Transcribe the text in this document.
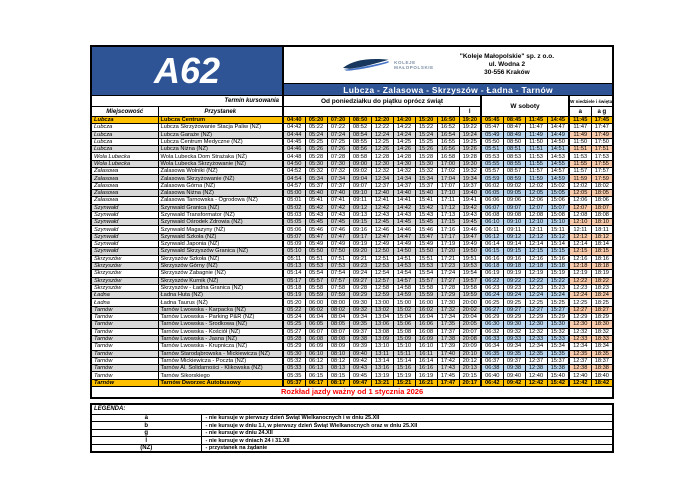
A62		KOLEJE
MAŁOPOLSKIE
"Koleje Małopolskie" sp. z o.o.
ul. Wodna 2
30-556 Kraków														

		Lubcza - Zalasowa - Skrzyszów - Ładna - Tarnów														
Termin kursowania		Od poniedziałku do piątku oprócz świąt									W soboty				W niedziele i święta	
Miejscowość	Przystanek									l					a	a g
Lubcza	Lubcza Centrum	04:40	05:20	07:20	08:50	12:20	14:20	15:20	16:50	19:20	05:45	08:45	11:45	14:45	11:45	17:45
Lubcza	Lubcza Skrzyżowanie Stacja Paliw (NŻ)	04:42	05:22	07:22	08:52	12:22	14:22	15:22	16:52	19:22	05:47	08:47	11:47	14:47	11:47	17:47
Lubcza	Lubcza Garaże (NŻ)	04:44	05:24	07:24	08:54	12:24	14:24	15:24	16:54	19:24	05:49	08:49	11:49	14:49	11:49	17:49
Lubcza	Lubcza Centrum Medyczne (NŻ)	04:45	05:25	07:25	08:55	12:25	14:25	15:25	16:55	19:25	05:50	08:50	11:50	14:50	11:50	17:50
Lubcza	Lubcza Niżna (NŻ)	04:46	05:26	07:26	08:56	12:26	14:26	15:26	16:56	19:26	05:51	08:51	11:51	14:51	11:51	17:51
Wola Lubecka	Wola Lubecka Dom Strażaka (NŻ)	04:48	05:28	07:28	08:58	12:28	14:28	15:28	16:58	19:28	05:53	08:53	11:53	14:53	11:53	17:53
Wola Lubecka	Wola Lubecka Skrzyżowanie (NŻ)	04:50	05:30	07:30	09:00	12:30	14:30	15:30	17:00	19:30	05:55	08:55	11:55	14:55	11:55	17:55
Zalasowa	Zalasowa Wolniki (NŻ)	04:52	05:32	07:32	09:02	12:32	14:32	15:32	17:02	19:32	05:57	08:57	11:57	14:57	11:57	17:57
Zalasowa	Zalasowa Skrzyżowanie (NŻ)	04:54	05:34	07:34	09:04	12:34	14:34	15:34	17:04	19:34	05:59	08:59	11:59	14:59	11:59	17:59
Zalasowa	Zalasowa Górna (NŻ)	04:57	05:37	07:37	09:07	12:37	14:37	15:37	17:07	19:37	06:02	09:02	12:02	15:02	12:02	18:02
Zalasowa	Zalasowa Niżna (NŻ)	05:00	05:40	07:40	09:10	12:40	14:40	15:40	17:10	19:40	06:05	09:05	12:05	15:05	12:05	18:05
Zalasowa	Zalasowa Tarnowska - Ogrodowa (NŻ)	05:01	05:41	07:41	09:11	12:41	14:41	15:41	17:11	19:41	06:06	09:06	12:06	15:06	12:06	18:06
Szynwałd	Szynwałd Granica (NŻ)	05:02	05:42	07:42	09:12	12:42	14:42	15:42	17:12	19:42	06:07	09:07	12:07	15:07	12:07	18:07
Szynwałd	Szynwałd Transformator (NŻ)	05:03	05:43	07:43	09:13	12:43	14:43	15:43	17:13	19:43	06:08	09:08	12:08	15:08	12:08	18:08
Szynwałd	Szynwałd Ośrodek Zdrowia (NŻ)	05:05	05:45	07:45	09:15	12:45	14:45	15:45	17:15	19:45	06:10	09:10	12:10	15:10	12:10	18:10
Szynwałd	Szynwałd Magazyny (NŻ)	05:06	05:46	07:46	09:16	12:46	14:46	15:46	17:16	19:46	06:11	09:11	12:11	15:11	12:11	18:11
Szynwałd	Szynwałd Szkoła (NŻ)	05:07	05:47	07:47	09:17	12:47	14:47	15:47	17:17	19:47	06:12	09:12	12:12	15:12	12:12	18:12
Szynwałd	Szynwałd Japonia (NŻ)	05:09	05:49	07:49	09:19	12:49	14:49	15:49	17:19	19:49	06:14	09:14	12:14	15:14	12:14	18:14
Szynwałd	Szynwałd Skrzyszów Granica (NŻ)	05:10	05:50	07:50	09:20	12:50	14:50	15:50	17:20	19:50	06:15	09:15	12:15	15:15	12:15	18:15
Skrzyszów	Skrzyszów Szkoła (NŻ)	05:11	05:51	07:51	09:21	12:51	14:51	15:51	17:21	19:51	06:16	09:16	12:16	15:16	12:16	18:16
Skrzyszów	Skrzyszów Górny (NŻ)	05:13	05:53	07:53	09:23	12:53	14:53	15:53	17:23	19:53	06:18	09:18	12:18	15:18	12:18	18:18
Skrzyszów	Skrzyszów Zabagnie (NŻ)	05:14	05:54	07:54	09:24	12:54	14:54	15:54	17:24	19:54	06:19	09:19	12:19	15:19	12:19	18:19
Skrzyszów	Skrzyszów Kurnik (NŻ)	05:17	05:57	07:57	09:27	12:57	14:57	15:57	17:27	19:57	06:22	09:22	12:22	15:22	12:22	18:22
Skrzyszów	Skrzyszów - Ładna Granica (NŻ)	05:18	05:58	07:58	09:28	12:58	14:58	15:58	17:28	19:58	06:23	09:23	12:23	15:23	12:23	18:23
Ładna	Ładna Huta (NŻ)	05:19	05:59	07:59	09:29	12:59	14:59	15:59	17:29	19:59	06:24	09:24	12:24	15:24	12:24	18:24
Ładna	Ładna Taurus (NŻ)	05:20	06:00	08:00	09:30	13:00	15:00	16:00	17:30	20:00	06:25	09:25	12:25	15:25	12:25	18:25
Tarnów	Tarnów Lwowska - Karpacka (NŻ)	05:22	06:02	08:02	09:32	13:02	15:02	16:02	17:32	20:02	06:27	09:27	12:27	15:27	12:27	18:27
Tarnów	Tarnów Lwowska - Parking P&R (NŻ)	05:24	06:04	08:04	09:34	13:04	15:04	16:04	17:34	20:04	06:29	09:29	12:29	15:29	12:29	18:29
Tarnów	Tarnów Lwowska - Środkowa (NŻ)	05:25	06:05	08:05	09:35	13:06	15:06	16:06	17:35	20:05	06:30	09:30	12:30	15:30	12:30	18:30
Tarnów	Tarnów Lwowska - Kościół (NŻ)	05:27	06:07	08:07	09:37	13:08	15:08	16:08	17:37	20:07	06:32	09:32	12:32	15:32	12:32	18:32
Tarnów	Tarnów Lwowska - Jasna (NŻ)	05:28	06:08	08:08	09:38	13:09	15:09	16:09	17:38	20:08	06:33	09:33	12:33	15:33	12:33	18:33
Tarnów	Tarnów Lwowska - Krupnicza (NŻ)	05:29	06:09	08:09	09:39	13:10	15:10	16:10	17:39	20:09	06:34	09:34	12:34	15:34	12:34	18:34
Tarnów	Tarnów Starodąbrowska - Mickiewicza (NŻ)	05:30	06:10	08:10	09:40	13:11	15:11	16:11	17:40	20:10	06:35	09:35	12:35	15:35	12:35	18:35
Tarnów	Tarnów Mickiewicza - Poczta (NŻ)	05:32	06:12	08:12	09:42	13:14	15:14	16:14	17:42	20:12	06:37	09:37	12:37	15:37	12:37	18:37
Tarnów	Tarnów Al. Solidarności - Klikowska (NŻ)	05:33	06:13	08:13	09:43	13:16	15:16	16:16	17:43	20:13	06:38	09:38	12:38	15:38	12:38	18:38
Tarnów	Tarnów Sikorskiego	05:35	06:15	08:15	09:45	13:19	15:19	16:19	17:45	20:15	06:40	09:40	12:40	15:40	12:40	18:40
Tarnów	Tarnów Dworzec Autobusowy	05:37	06:17	08:17	09:47	13:21	15:21	16:21	17:47	20:17	06:42	09:42	12:42	15:42	12:42	18:42
Rozkład jazdy ważny od 1 stycznia 2026																
LEGENDA:	
a	- nie kursuje w pierwszy dzień Świąt Wielkanocnych i w dniu 25.XII
b	- nie kursuje w dniu 1.I, w pierwszy dzień Świąt Wielkanocnych oraz w dniu 25.XII
g	- nie kursuje w dniu 24.XII
l	- nie kursuje w dniach 24 i 31.XII
(NŻ)	- przystanek na żądanie
